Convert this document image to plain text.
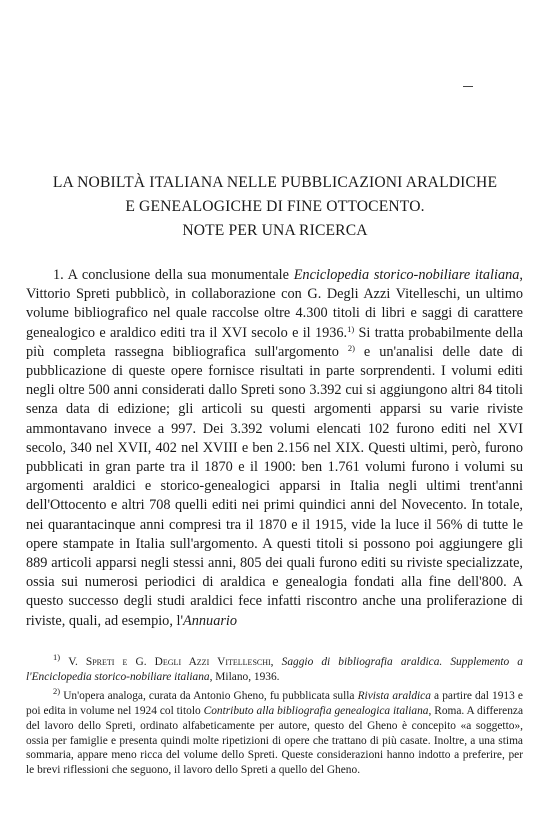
LA NOBILTÀ ITALIANA NELLE PUBBLICAZIONI ARALDICHE
E GENEALOGICHE DI FINE OTTOCENTO.
NOTE PER UNA RICERCA

1. A conclusione della sua monumentale Enciclopedia storico-nobiliare italiana, Vittorio Spreti pubblicò, in collaborazione con G. Degli Azzi Vitelleschi, un ultimo volume bibliografico nel quale raccolse oltre 4.300 titoli di libri e saggi di carattere genealogico e araldico editi tra il XVI secolo e il 1936.$^{1)}$ Si tratta probabilmente della più completa rassegna bibliografica sull'argomento $^{2)}$ e un'analisi delle date di pubblicazione di queste opere fornisce risultati in parte sorprendenti. I volumi editi negli oltre 500 anni considerati dallo Spreti sono 3.392 cui si aggiungono altri 84 titoli senza data di edizione; gli articoli su questi argomenti apparsi su varie riviste ammontavano invece a 997. Dei 3.392 volumi elencati 102 furono editi nel XVI secolo, 340 nel XVII, 402 nel XVIII e ben 2.156 nel XIX. Questi ultimi, però, furono pubblicati in gran parte tra il 1870 e il 1900: ben 1.761 volumi furono i volumi su argomenti araldici e storico-genealogici apparsi in Italia negli ultimi trent'anni dell'Ottocento e altri 708 quelli editi nei primi quindici anni del Novecento. In totale, nei quarantacinque anni compresi tra il 1870 e il 1915, vide la luce il 56% di tutte le opere stampate in Italia sull'argomento. A questi titoli si possono poi aggiungere gli 889 articoli apparsi negli stessi anni, 805 dei quali furono editi su riviste specializzate, ossia sui numerosi periodici di araldica e genealogia fondati alla fine dell'800. A questo successo degli studi araldici fece infatti riscontro anche una proliferazione di riviste, quali, ad esempio, l'Annuario

$^{1)}$ V. Spreti e G. Degli Azzi Vitelleschi, Saggio di bibliografia araldica. Supplemento a l'Enciclopedia storico-nobiliare italiana, Milano, 1936.

$^{2)}$ Un'opera analoga, curata da Antonio Gheno, fu pubblicata sulla Rivista araldica a partire dal 1913 e poi edita in volume nel 1924 col titolo Contributo alla bibliografia genealogica italiana, Roma. A differenza del lavoro dello Spreti, ordinato alfabeticamente per autore, questo del Gheno è concepito «a soggetto», ossia per famiglie e presenta quindi molte ripetizioni di opere che trattano di più casate. Inoltre, a una stima sommaria, appare meno ricca del volume dello Spreti. Queste considerazioni hanno indotto a preferire, per le brevi riflessioni che seguono, il lavoro dello Spreti a quello del Gheno.
